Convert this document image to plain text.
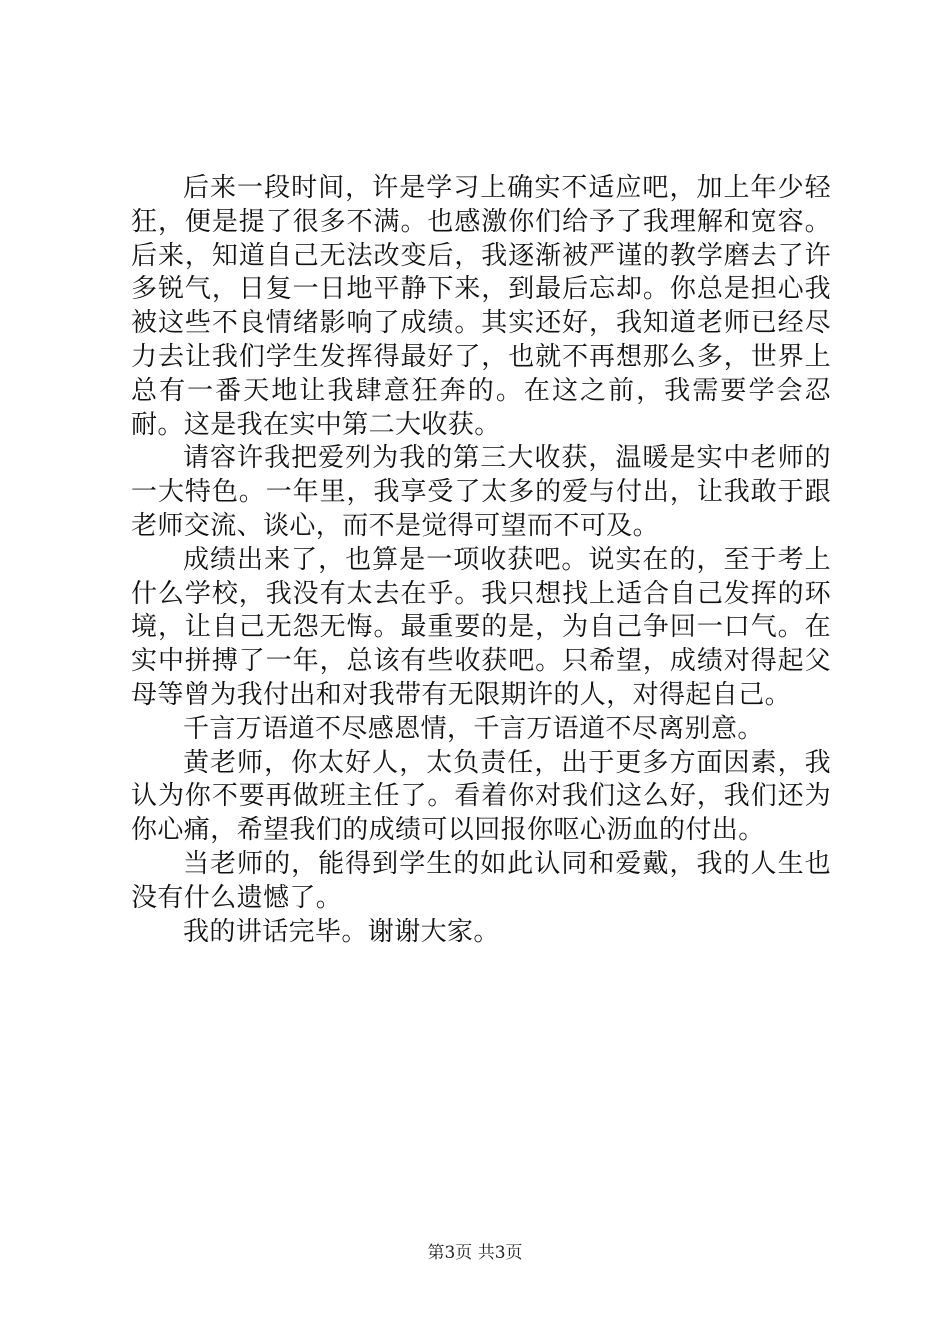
后来一段时间，许是学习上确实不适应吧，加上年少轻狂，便是提了很多不满。也感激你们给予了我理解和宽容。后来，知道自己无法改变后，我逐渐被严谨的教学磨去了许多锐气，日复一日地平静下来，到最后忘却。你总是担心我被这些不良情绪影响了成绩。其实还好，我知道老师已经尽力去让我们学生发挥得最好了，也就不再想那么多，世界上总有一番天地让我肆意狂奔的。在这之前，我需要学会忍耐。这是我在实中第二大收获。

请容许我把爱列为我的第三大收获，温暖是实中老师的一大特色。一年里，我享受了太多的爱与付出，让我敢于跟老师交流、谈心，而不是觉得可望而不可及。

成绩出来了，也算是一项收获吧。说实在的，至于考上什么学校，我没有太去在乎。我只想找上适合自己发挥的环境，让自己无怨无悔。最重要的是，为自己争回一口气。在实中拼搏了一年，总该有些收获吧。只希望，成绩对得起父母等曾为我付出和对我带有无限期许的人，对得起自己。

千言万语道不尽感恩情，千言万语道不尽离别意。

黄老师，你太好人，太负责任，出于更多方面因素，我认为你不要再做班主任了。看着你对我们这么好，我们还为你心痛，希望我们的成绩可以回报你呕心沥血的付出。

当老师的，能得到学生的如此认同和爱戴，我的人生也没有什么遗憾了。

我的讲话完毕。谢谢大家。

第3页 共3页
